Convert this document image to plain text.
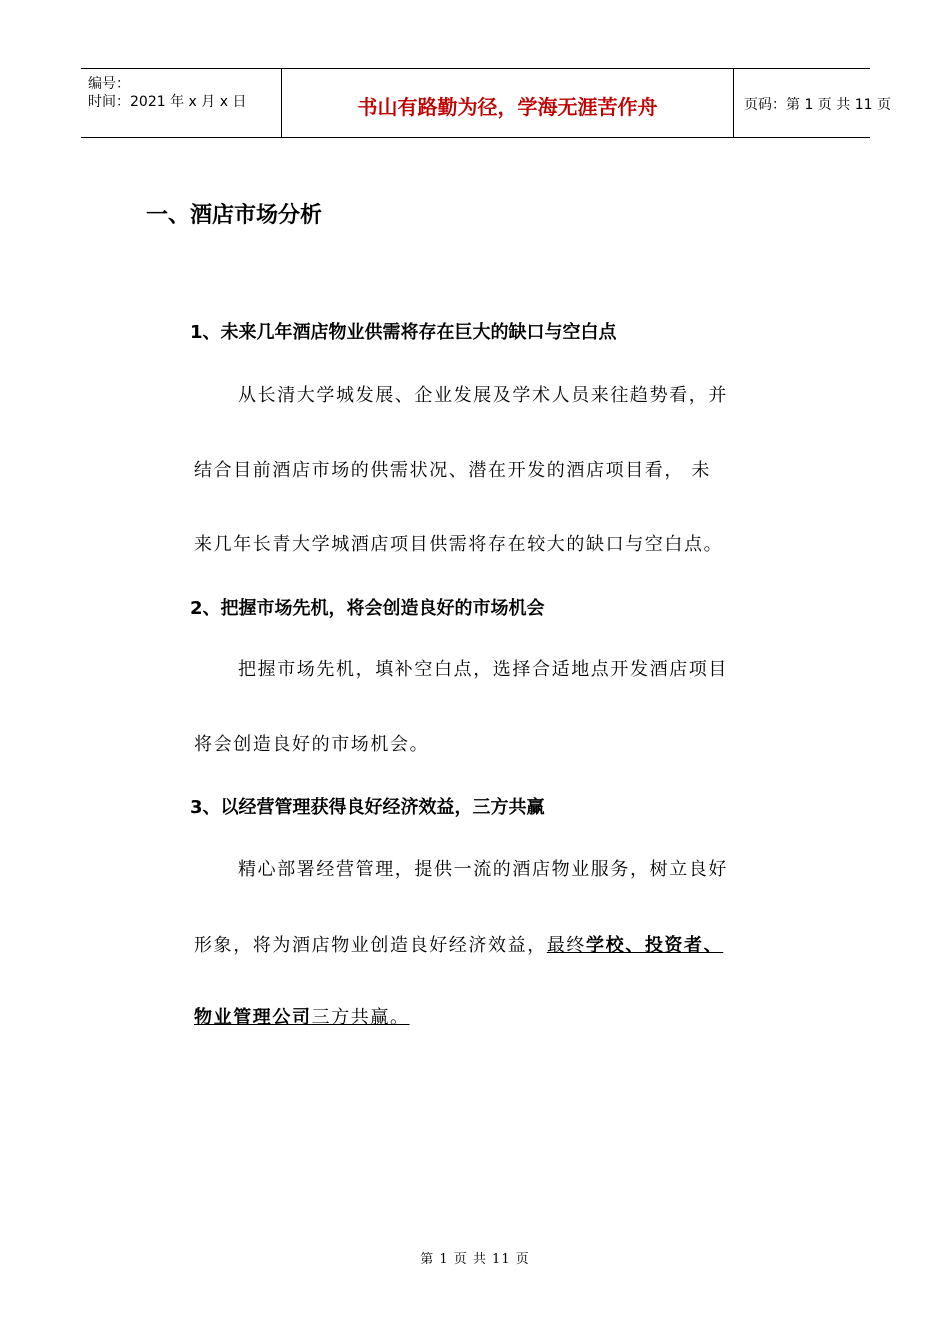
编号：
时间：2021 年 x 月 x 日	书山有路勤为径，学海无涯苦作舟	页码：第 1 页 共 11 页
一、酒店市场分析
1、未来几年酒店物业供需将存在巨大的缺口与空白点
从长清大学城发展、企业发展及学术人员来往趋势看，并
结合目前酒店市场的供需状况、潜在开发的酒店项目看， 未
来几年长青大学城酒店项目供需将存在较大的缺口与空白点。
2、把握市场先机，将会创造良好的市场机会
把握市场先机，填补空白点，选择合适地点开发酒店项目
将会创造良好的市场机会。
3、以经营管理获得良好经济效益，三方共赢
精心部署经营管理，提供一流的酒店物业服务，树立良好
形象，将为酒店物业创造良好经济效益，最终学校、投资者、
物业管理公司三方共赢。
第 1 页 共 11 页
